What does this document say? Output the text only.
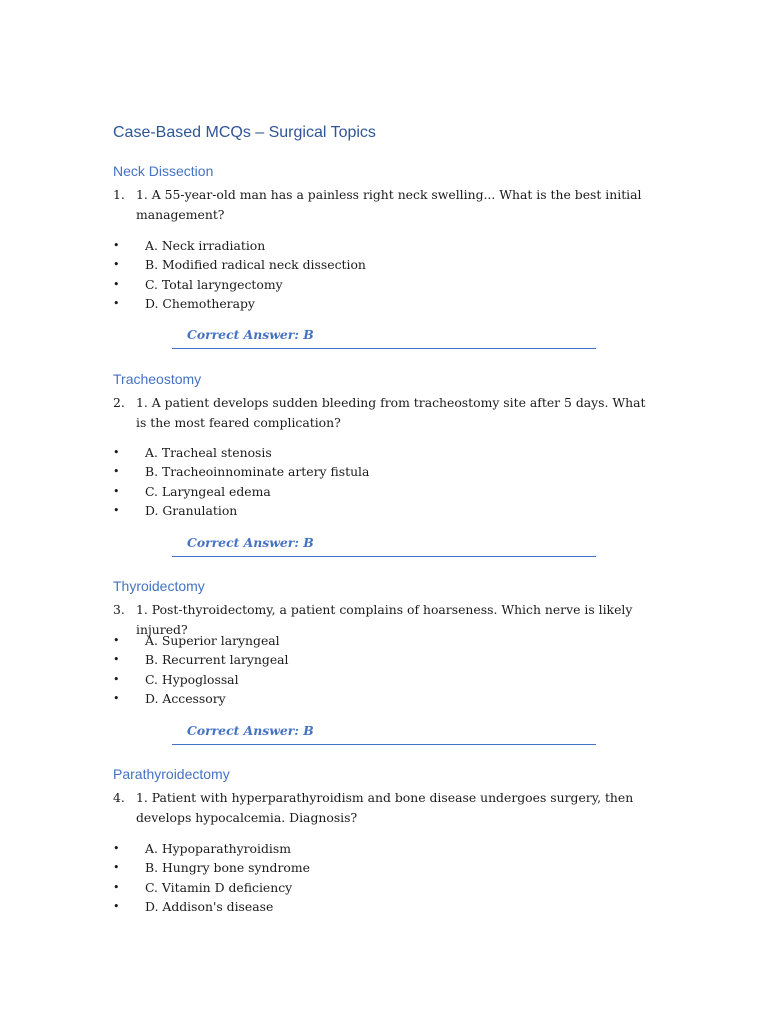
Case-Based MCQs – Surgical Topics
Neck Dissection
1. 1. A 55-year-old man has a painless right neck swelling... What is the best initial management?
• A. Neck irradiation
• B. Modified radical neck dissection
• C. Total laryngectomy
• D. Chemotherapy
Correct Answer: B
Tracheostomy
2. 1. A patient develops sudden bleeding from tracheostomy site after 5 days. What is the most feared complication?
• A. Tracheal stenosis
• B. Tracheoinnominate artery fistula
• C. Laryngeal edema
• D. Granulation
Correct Answer: B
Thyroidectomy
3. 1. Post-thyroidectomy, a patient complains of hoarseness. Which nerve is likely injured?
• A. Superior laryngeal
• B. Recurrent laryngeal
• C. Hypoglossal
• D. Accessory
Correct Answer: B
Parathyroidectomy
4. 1. Patient with hyperparathyroidism and bone disease undergoes surgery, then develops hypocalcemia. Diagnosis?
• A. Hypoparathyroidism
• B. Hungry bone syndrome
• C. Vitamin D deficiency
• D. Addison's disease
